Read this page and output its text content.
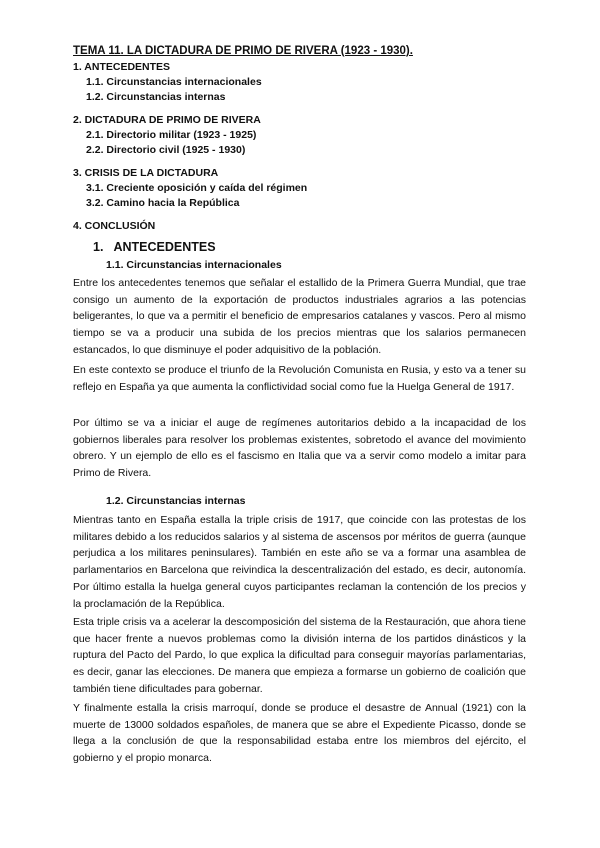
TEMA 11. LA DICTADURA DE PRIMO DE RIVERA (1923 - 1930).
1. ANTECEDENTES
1.1. Circunstancias internacionales
1.2. Circunstancias internas
2. DICTADURA DE PRIMO DE RIVERA
2.1. Directorio militar (1923 - 1925)
2.2. Directorio civil (1925 - 1930)
3. CRISIS DE LA DICTADURA
3.1. Creciente oposición y caída del régimen
3.2. Camino hacia la República
4. CONCLUSIÓN
1. ANTECEDENTES
1.1. Circunstancias internacionales

Entre los antecedentes tenemos que señalar el estallido de la Primera Guerra Mundial, que trae consigo un aumento de la exportación de productos industriales agrarios a las potencias beligerantes, lo que va a permitir el beneficio de empresarios catalanes y vascos. Pero al mismo tiempo se va a producir una subida de los precios mientras que los salarios permanecen estancados, lo que disminuye el poder adquisitivo de la población.

En este contexto se produce el triunfo de la Revolución Comunista en Rusia, y esto va a tener su reflejo en España ya que aumenta la conflictividad social como fue la Huelga General de 1917.

Por último se va a iniciar el auge de regímenes autoritarios debido a la incapacidad de los gobiernos liberales para resolver los problemas existentes, sobretodo el avance del movimiento obrero. Y un ejemplo de ello es el fascismo en Italia que va a servir como modelo a imitar para Primo de Rivera.

1.2. Circunstancias internas

Mientras tanto en España estalla la triple crisis de 1917, que coincide con las protestas de los militares debido a los reducidos salarios y al sistema de ascensos por méritos de guerra (aunque perjudica a los militares peninsulares). También en este año se va a formar una asamblea de parlamentarios en Barcelona que reivindica la descentralización del estado, es decir, autonomía. Por último estalla la huelga general cuyos participantes reclaman la contención de los precios y la proclamación de la República.

Esta triple crisis va a acelerar la descomposición del sistema de la Restauración, que ahora tiene que hacer frente a nuevos problemas como la división interna de los partidos dinásticos y la ruptura del Pacto del Pardo, lo que explica la dificultad para conseguir mayorías parlamentarias, es decir, ganar las elecciones. De manera que empieza a formarse un gobierno de coalición que también tiene dificultades para gobernar.

Y finalmente estalla la crisis marroquí, donde se produce el desastre de Annual (1921) con la muerte de 13000 soldados españoles, de manera que se abre el Expediente Picasso, donde se llega a la conclusión de que la responsabilidad estaba entre los miembros del ejército, el gobierno y el propio monarca.
